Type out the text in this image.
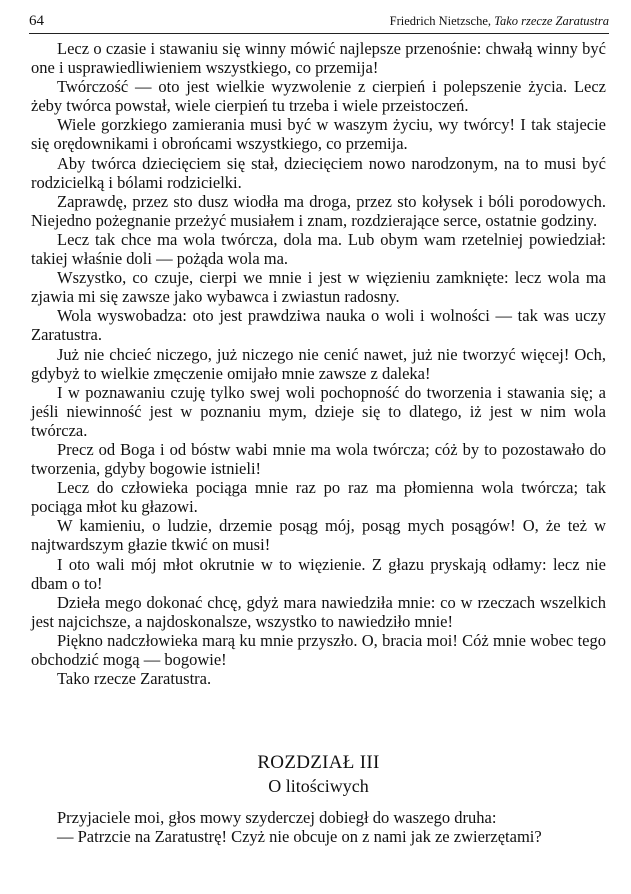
64	Friedrich Nietzsche, Tako rzecze Zaratustra

Lecz o czasie i stawaniu się winny mówić najlepsze przenośnie: chwałą winny być one i usprawiedliwieniem wszystkiego, co przemija!

Twórczość — oto jest wielkie wyzwolenie z cierpień i polepszenie życia. Lecz żeby twórca powstał, wiele cierpień tu trzeba i wiele przeistoczeń.

Wiele gorzkiego zamierania musi być w waszym życiu, wy twórcy! I tak stajecie się orędownikami i obrońcami wszystkiego, co przemija.

Aby twórca dziecięciem się stał, dziecięciem nowo narodzonym, na to musi być rodzicielką i bólami rodzicielki.

Zaprawdę, przez sto dusz wiodła ma droga, przez sto kołysek i bóli porodowych. Niejedno pożegnanie przeżyć musiałem i znam, rozdzierające serce, ostatnie godziny.

Lecz tak chce ma wola twórcza, dola ma. Lub obym wam rzetelniej powiedział: takiej właśnie doli — pożąda wola ma.

Wszystko, co czuje, cierpi we mnie i jest w więzieniu zamknięte: lecz wola ma zjawia mi się zawsze jako wybawca i zwiastun radosny.

Wola wyswobadza: oto jest prawdziwa nauka o woli i wolności — tak was uczy Zaratustra.

Już nie chcieć niczego, już niczego nie cenić nawet, już nie tworzyć więcej! Och, gdybyż to wielkie zmęczenie omijało mnie zawsze z daleka!

I w poznawaniu czuję tylko swej woli pochopność do tworzenia i stawania się; a jeśli niewinność jest w poznaniu mym, dzieje się to dlatego, iż jest w nim wola twórcza.

Precz od Boga i od bóstw wabi mnie ma wola twórcza; cóż by to pozostawało do tworzenia, gdyby bogowie istnieli!

Lecz do człowieka pociąga mnie raz po raz ma płomienna wola twórcza; tak pociąga młot ku głazowi.

W kamieniu, o ludzie, drzemie posąg mój, posąg mych posągów! O, że też w najtwardszym głazie tkwić on musi!

I oto wali mój młot okrutnie w to więzienie. Z głazu pryskają odłamy: lecz nie dbam o to!

Dzieła mego dokonać chcę, gdyż mara nawiedziła mnie: co w rzeczach wszelkich jest najcichsze, a najdoskonalsze, wszystko to nawiedziło mnie!

Piękno nadczłowieka marą ku mnie przyszło. O, bracia moi! Cóż mnie wobec tego obchodzić mogą — bogowie!

Tako rzecze Zaratustra.

ROZDZIAŁ III
O litościwych

Przyjaciele moi, głos mowy szyderczej dobiegł do waszego druha:

— Patrzcie na Zaratustrę! Czyż nie obcuje on z nami jak ze zwierzętami?
